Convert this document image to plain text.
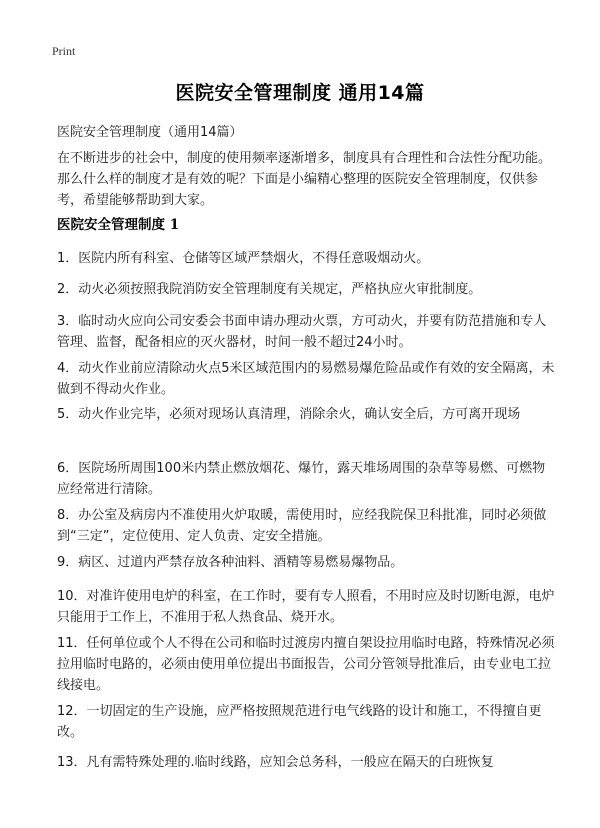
Print
医院安全管理制度 通用14篇
医院安全管理制度（通用14篇）

在不断进步的社会中，制度的使用频率逐渐增多，制度具有合理性和合法性分配功能。那么什么样的制度才是有效的呢？下面是小编精心整理的医院安全管理制度，仅供参考，希望能够帮助到大家。

医院安全管理制度 1

1．医院内所有科室、仓储等区域严禁烟火，不得任意吸烟动火。

2．动火必须按照我院消防安全管理制度有关规定，严格执应火审批制度。

3．临时动火应向公司安委会书面申请办理动火票，方可动火，并要有防范措施和专人管理、监督，配备相应的灭火器材，时间一般不超过24小时。

4．动火作业前应清除动火点5米区域范围内的易燃易爆危险品或作有效的安全隔离，未做到不得动火作业。

5．动火作业完毕，必须对现场认真清理，消除余火，确认安全后，方可离开现场

6．医院场所周围100米内禁止燃放烟花、爆竹，露天堆场周围的杂草等易燃、可燃物应经常进行清除。

8．办公室及病房内不准使用火炉取暖，需使用时，应经我院保卫科批准，同时必须做到“三定”，定位使用、定人负责、定安全措施。

9．病区、过道内严禁存放各种油料、酒精等易燃易爆物品。

10．对准许使用电炉的科室，在工作时，要有专人照看，不用时应及时切断电源，电炉只能用于工作上，不准用于私人热食品、烧开水。

11．任何单位或个人不得在公司和临时过渡房内擅自架设拉用临时电路，特殊情况必须拉用临时电路的，必须由使用单位提出书面报告，公司分管领导批准后，由专业电工拉线接电。

12．一切固定的生产设施，应严格按照规范进行电气线路的设计和施工，不得擅自更改。

13．凡有需特殊处理的.临时线路，应知会总务科，一般应在隔天的白班恢复
